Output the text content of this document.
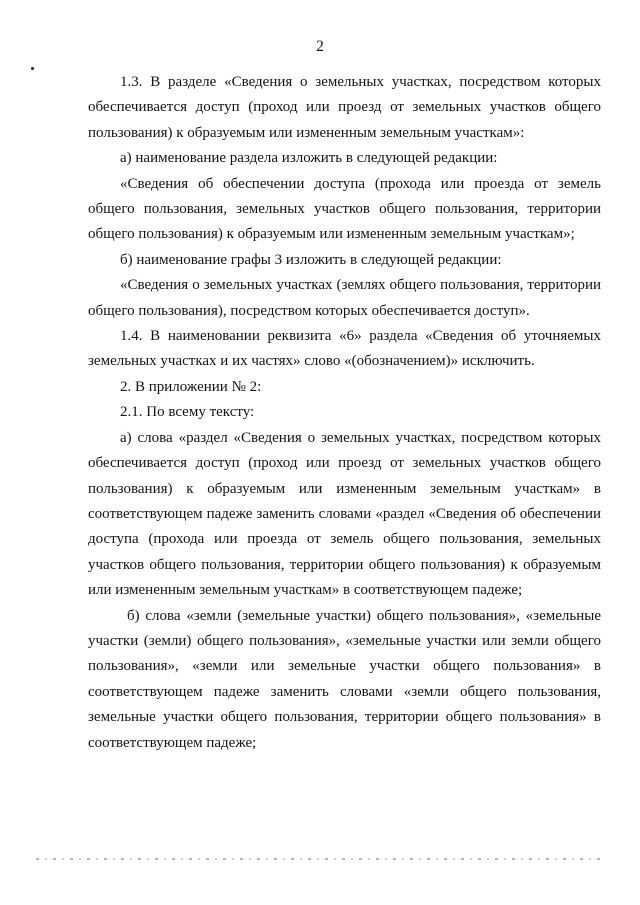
2

1.3. В разделе «Сведения о земельных участках, посредством которых обеспечивается доступ (проход или проезд от земельных участков общего пользования) к образуемым или измененным земельным участкам»:

а) наименование раздела изложить в следующей редакции:

«Сведения об обеспечении доступа (прохода или проезда от земель общего пользования, земельных участков общего пользования, территории общего пользования) к образуемым или измененным земельным участкам»;

б) наименование графы 3 изложить в следующей редакции:

«Сведения о земельных участках (землях общего пользования, территории общего пользования), посредством которых обеспечивается доступ».

1.4. В наименовании реквизита «6» раздела «Сведения об уточняемых земельных участках и их частях» слово «(обозначением)» исключить.

2. В приложении № 2:

2.1. По всему тексту:

а) слова «раздел «Сведения о земельных участках, посредством которых обеспечивается доступ (проход или проезд от земельных участков общего пользования) к образуемым или измененным земельным участкам» в соответствующем падеже заменить словами «раздел «Сведения об обеспечении доступа (прохода или проезда от земель общего пользования, земельных участков общего пользования, территории общего пользования) к образуемым или измененным земельным участкам» в соответствующем падеже;

б) слова «земли (земельные участки) общего пользования», «земельные участки (земли) общего пользования», «земельные участки или земли общего пользования», «земли или земельные участки общего пользования» в соответствующем падеже заменить словами «земли общего пользования, земельные участки общего пользования, территории общего пользования» в соответствующем падеже;
